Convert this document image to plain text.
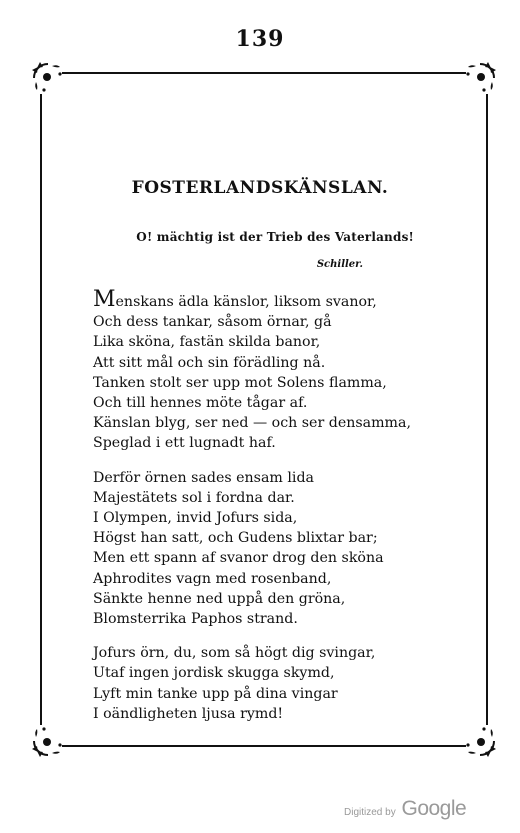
139
FOSTERLANDSKÄNSLAN.
O! mächtig ist der Trieb des Vaterlands!
Schiller.
Menskans ädla känslor, liksom svanor,
Och dess tankar, såsom örnar, gå
Lika sköna, fastän skilda banor,
Att sitt mål och sin förädling nå.
Tanken stolt ser upp mot Solens flamma,
Och till hennes möte tågar af.
Känslan blyg, ser ned — och ser densamma,
Speglad i ett lugnadt haf.
Derför örnen sades ensam lida
Majestätets sol i fordna dar.
I Olympen, invid Jofurs sida,
Högst han satt, och Gudens blixtar bar;
Men ett spann af svanor drog den sköna
Aphrodites vagn med rosenband,
Sänkte henne ned uppå den gröna,
Blomsterrika Paphos strand.
Jofurs örn, du, som så högt dig svingar,
Utaf ingen jordisk skugga skymd,
Lyft min tanke upp på dina vingar
I oändligheten ljusa rymd!
Digitized by Google
